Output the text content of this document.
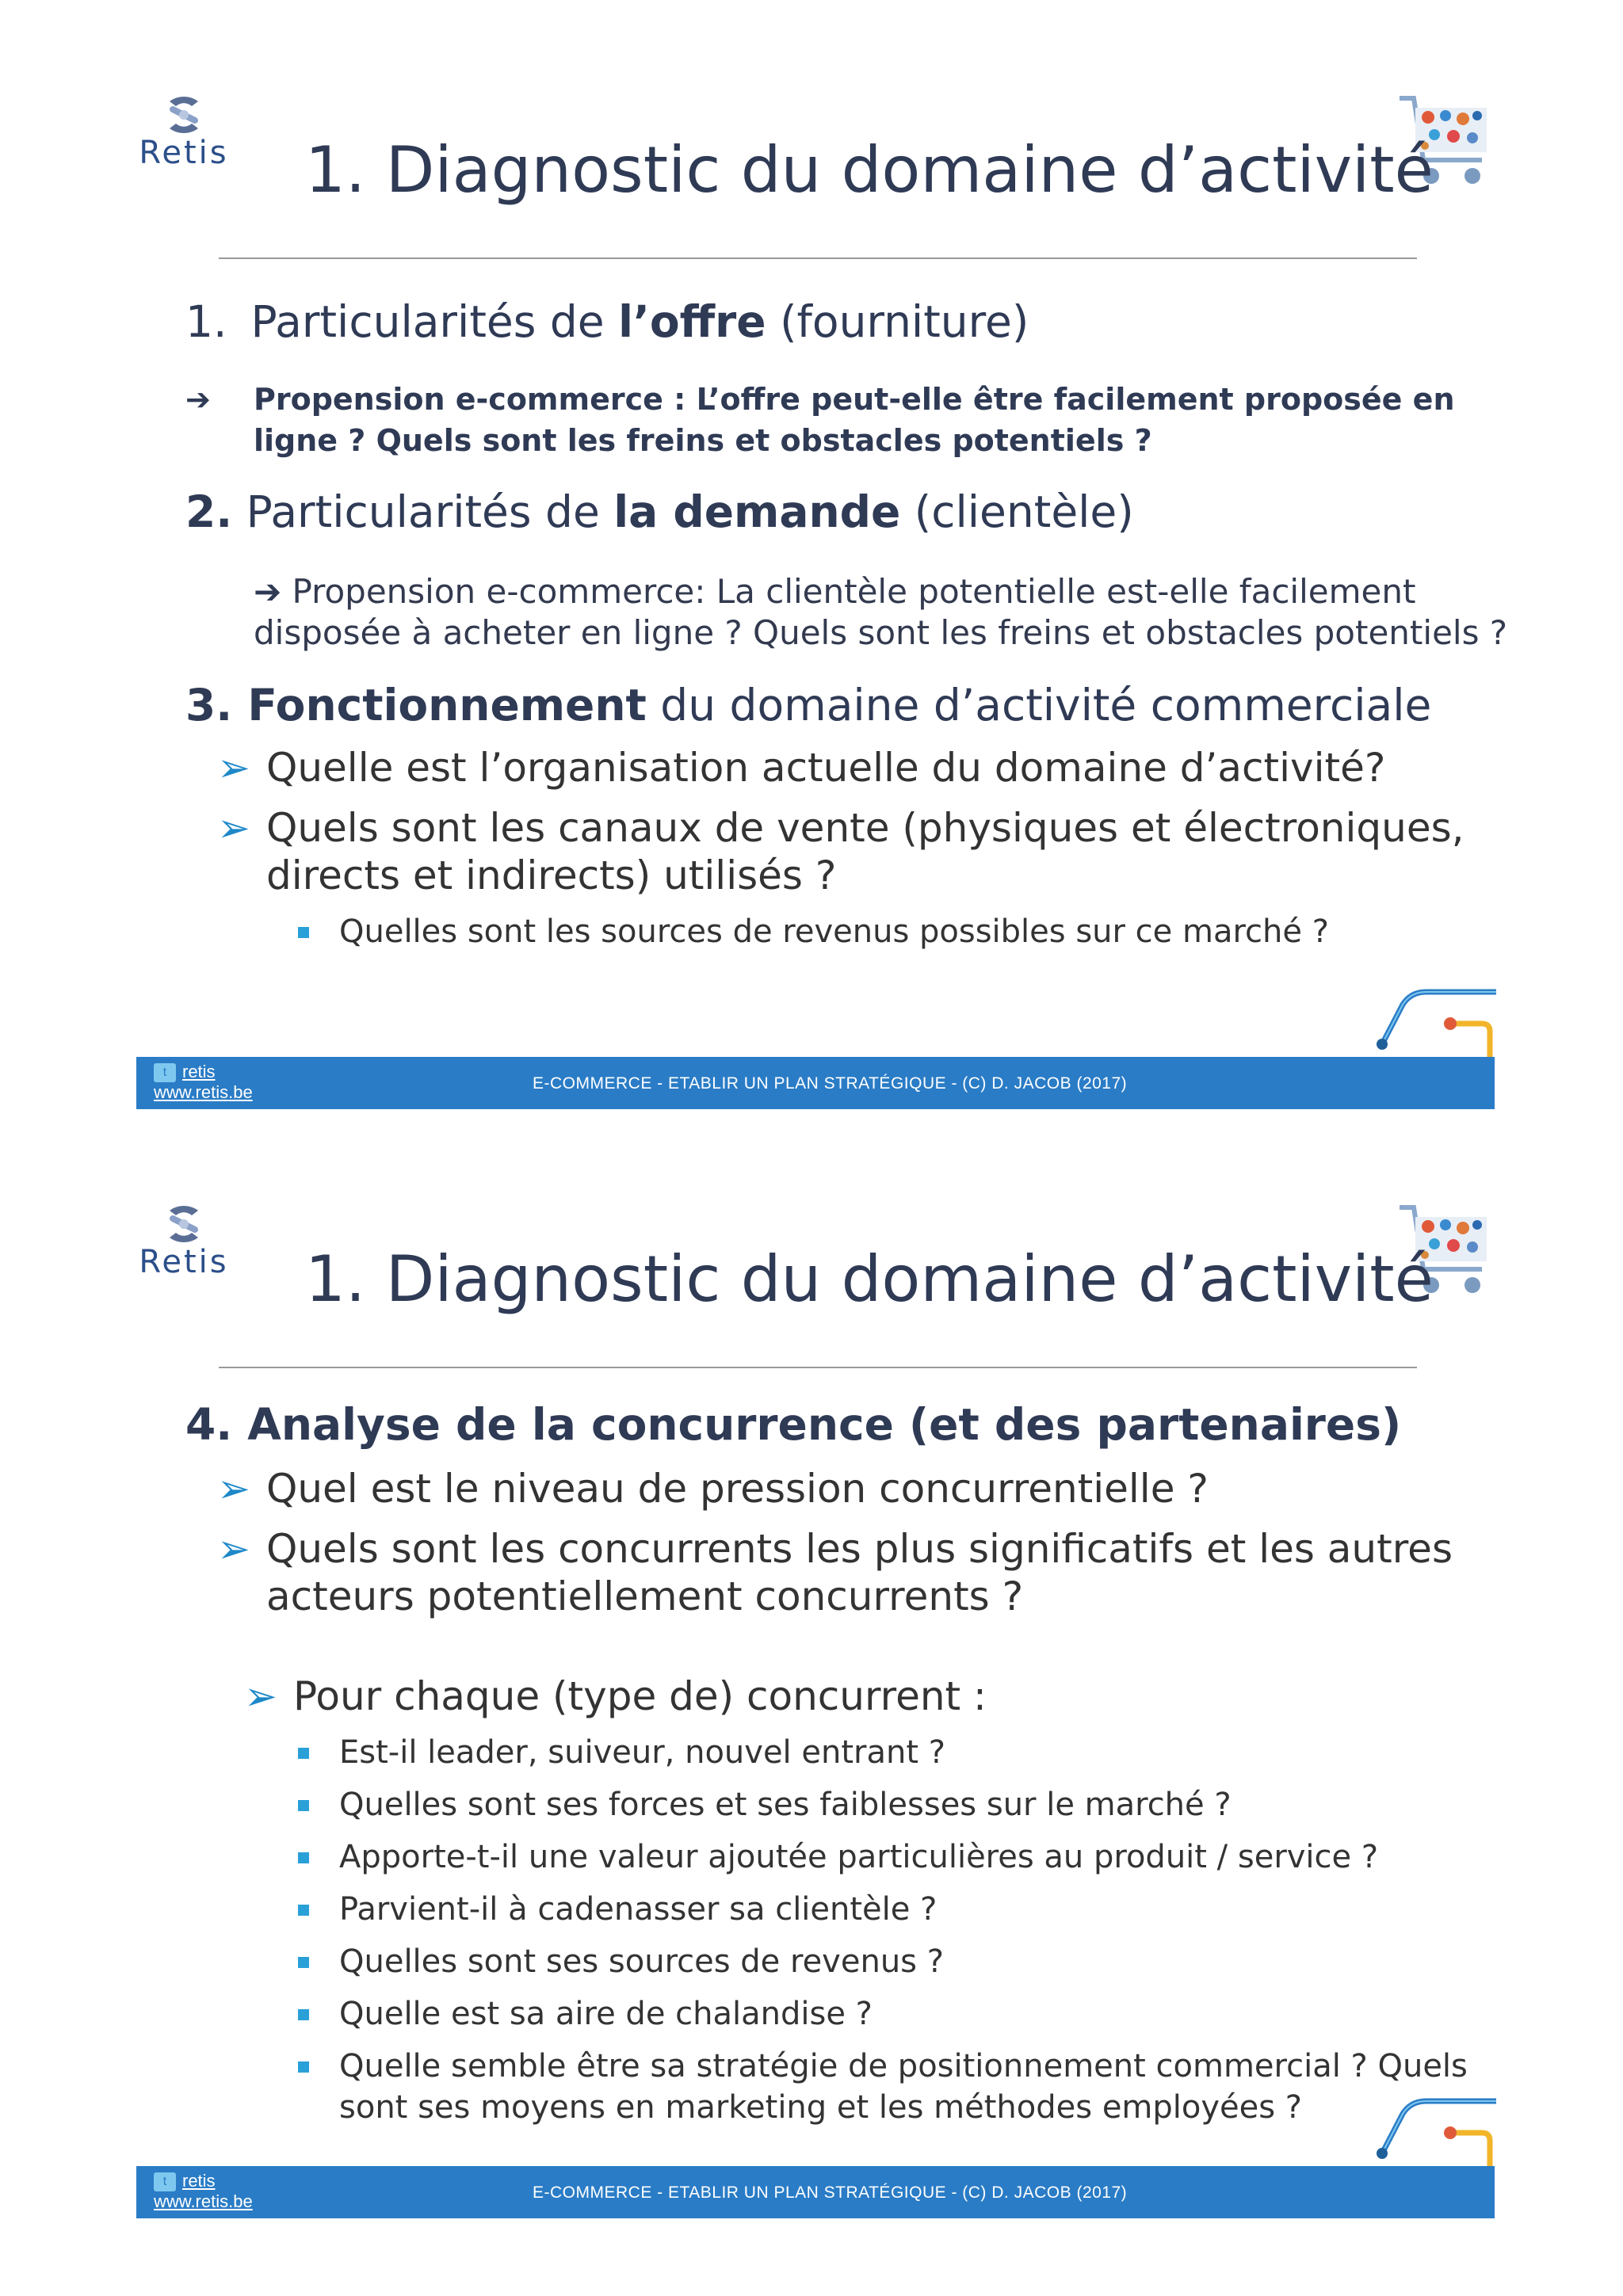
Retis 1. Diagnostic du domaine d’activité
1. Particularités de l’offre (fourniture)
➔ Propension e-commerce : L’offre peut-elle être facilement proposée en
ligne ? Quels sont les freins et obstacles potentiels ?
2. Particularités de la demande (clientèle)
➔ Propension e-commerce: La clientèle potentielle est-elle facilement
disposée à acheter en ligne ? Quels sont les freins et obstacles potentiels ?
3. Fonctionnement du domaine d’activité commerciale
➢ Quelle est l’organisation actuelle du domaine d’activité?
➢ Quels sont les canaux de vente (physiques et électroniques,
directs et indirects) utilisés ?
Quelles sont les sources de revenus possibles sur ce marché ?
t retis
www.retis.be	E-COMMERCE - ETABLIR UN PLAN STRATÉGIQUE - (C) D. JACOB (2017)
Retis 1. Diagnostic du domaine d’activité
4. Analyse de la concurrence (et des partenaires)
➢ Quel est le niveau de pression concurrentielle ?
➢ Quels sont les concurrents les plus significatifs et les autres
acteurs potentiellement concurrents ?
➢ Pour chaque (type de) concurrent :
Est-il leader, suiveur, nouvel entrant ?
Quelles sont ses forces et ses faiblesses sur le marché ?
Apporte-t-il une valeur ajoutée particulières au produit / service ?
Parvient-il à cadenasser sa clientèle ?
Quelles sont ses sources de revenus ?
Quelle est sa aire de chalandise ?
Quelle semble être sa stratégie de positionnement commercial ? Quels
sont ses moyens en marketing et les méthodes employées ?
t retis
www.retis.be	E-COMMERCE - ETABLIR UN PLAN STRATÉGIQUE - (C) D. JACOB (2017)
